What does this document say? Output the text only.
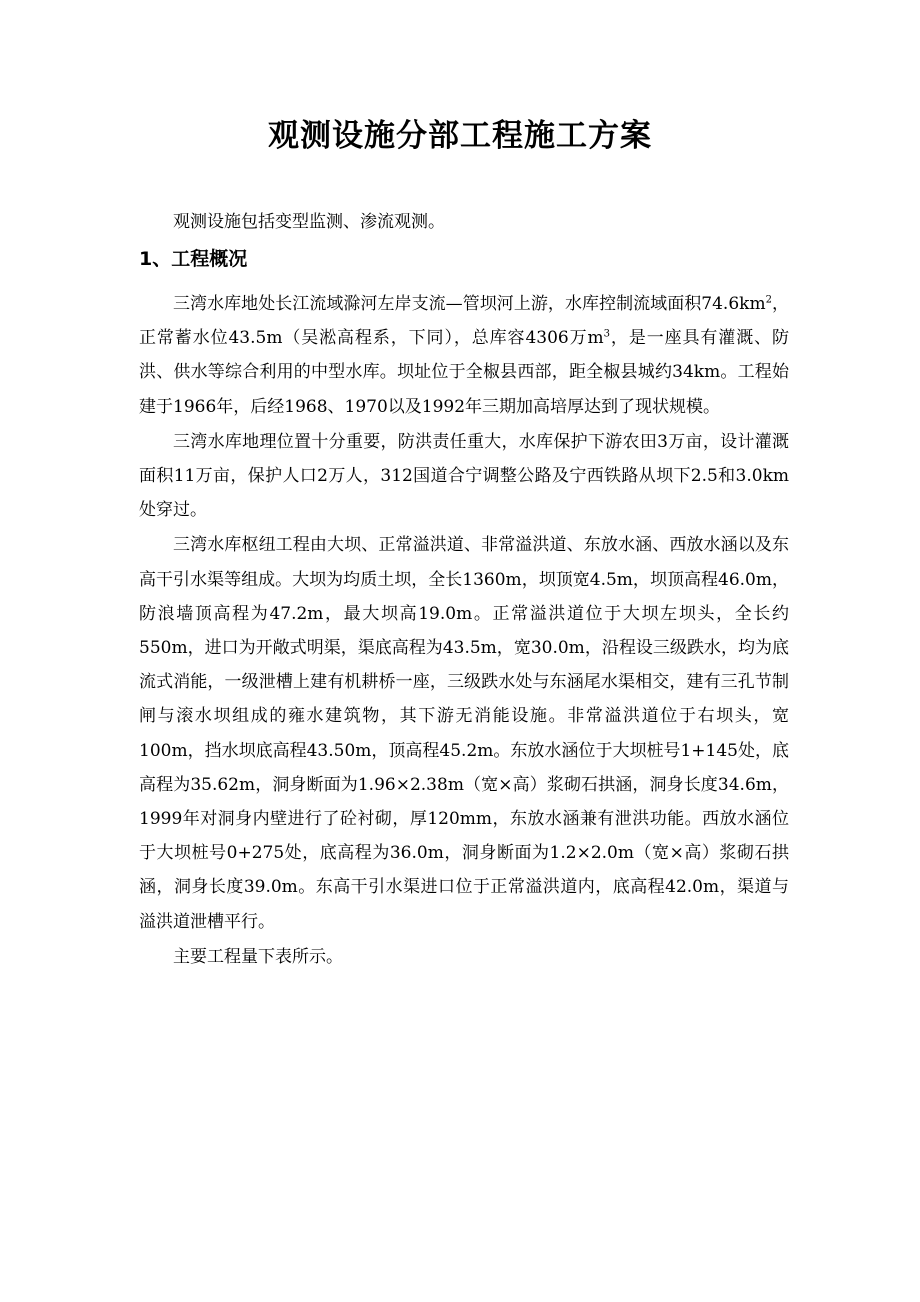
观测设施分部工程施工方案

观测设施包括变型监测、渗流观测。

1、工程概况

三湾水库地处长江流域滁河左岸支流—管坝河上游，水库控制流域面积$74.6km^2$，正常蓄水位43.5m（吴淞高程系，下同），总库容4306万$m^3$，是一座具有灌溉、防洪、供水等综合利用的中型水库。坝址位于全椒县西部，距全椒县城约34km。工程始建于1966年，后经1968、1970以及1992年三期加高培厚达到了现状规模。

三湾水库地理位置十分重要，防洪责任重大，水库保护下游农田3万亩，设计灌溉面积11万亩，保护人口2万人，312国道合宁调整公路及宁西铁路从坝下2.5和3.0km处穿过。

三湾水库枢纽工程由大坝、正常溢洪道、非常溢洪道、东放水涵、西放水涵以及东高干引水渠等组成。大坝为均质土坝，全长1360m，坝顶宽4.5m，坝顶高程46.0m，防浪墙顶高程为47.2m，最大坝高19.0m。正常溢洪道位于大坝左坝头，全长约550m，进口为开敞式明渠，渠底高程为43.5m，宽30.0m，沿程设三级跌水，均为底流式消能，一级泄槽上建有机耕桥一座，三级跌水处与东涵尾水渠相交，建有三孔节制闸与滚水坝组成的雍水建筑物，其下游无消能设施。非常溢洪道位于右坝头，宽100m，挡水坝底高程43.50m，顶高程45.2m。东放水涵位于大坝桩号1+145处，底高程为35.62m，洞身断面为1.96×2.38m（宽×高）浆砌石拱涵，洞身长度34.6m，1999年对洞身内壁进行了砼衬砌，厚120mm，东放水涵兼有泄洪功能。西放水涵位于大坝桩号0+275处，底高程为36.0m，洞身断面为1.2×2.0m（宽×高）浆砌石拱涵，洞身长度39.0m。东高干引水渠进口位于正常溢洪道内，底高程42.0m，渠道与溢洪道泄槽平行。

主要工程量下表所示。
